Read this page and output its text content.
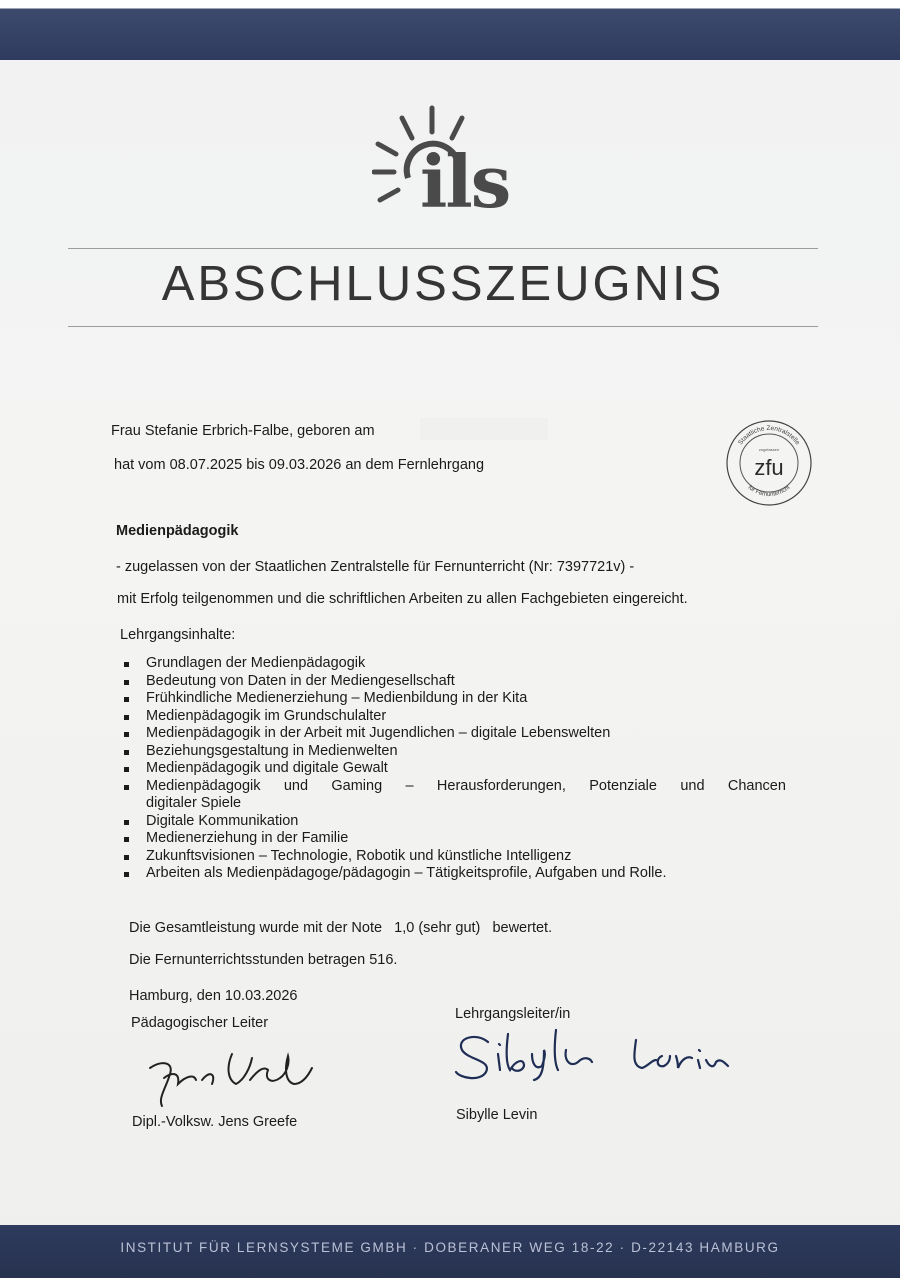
ils
ABSCHLUSSZEUGNIS
Frau Stefanie Erbrich-Falbe, geboren am
hat vom 08.07.2025 bis 09.03.2026 an dem Fernlehrgang
Staatliche Zentralstelle
für Fernunterricht
zugelassen
zfu
Medienpädagogik
- zugelassen von der Staatlichen Zentralstelle für Fernunterricht (Nr: 7397721v) -
mit Erfolg teilgenommen und die schriftlichen Arbeiten zu allen Fachgebieten eingereicht.
Lehrgangsinhalte:
Grundlagen der Medienpädagogik
Bedeutung von Daten in der Mediengesellschaft
Frühkindliche Medienerziehung – Medienbildung in der Kita
Medienpädagogik im Grundschulalter
Medienpädagogik in der Arbeit mit Jugendlichen – digitale Lebenswelten
Beziehungsgestaltung in Medienwelten
Medienpädagogik und digitale Gewalt
Medienpädagogik und Gaming – Herausforderungen, Potenziale und Chancen
digitaler Spiele
Digitale Kommunikation
Medienerziehung in der Familie
Zukunftsvisionen – Technologie, Robotik und künstliche Intelligenz
Arbeiten als Medienpädagoge/pädagogin – Tätigkeitsprofile, Aufgaben und Rolle.
Die Gesamtleistung wurde mit der Note   1,0 (sehr gut)   bewertet.
Die Fernunterrichtsstunden betragen 516.
Hamburg, den 10.03.2026
Pädagogischer Leiter
Dipl.-Volksw. Jens Greefe
Lehrgangsleiter/in
Sibylle Levin
INSTITUT FÜR LERNSYSTEME GMBH · DOBERANER WEG 18-22 · D-22143 HAMBURG
